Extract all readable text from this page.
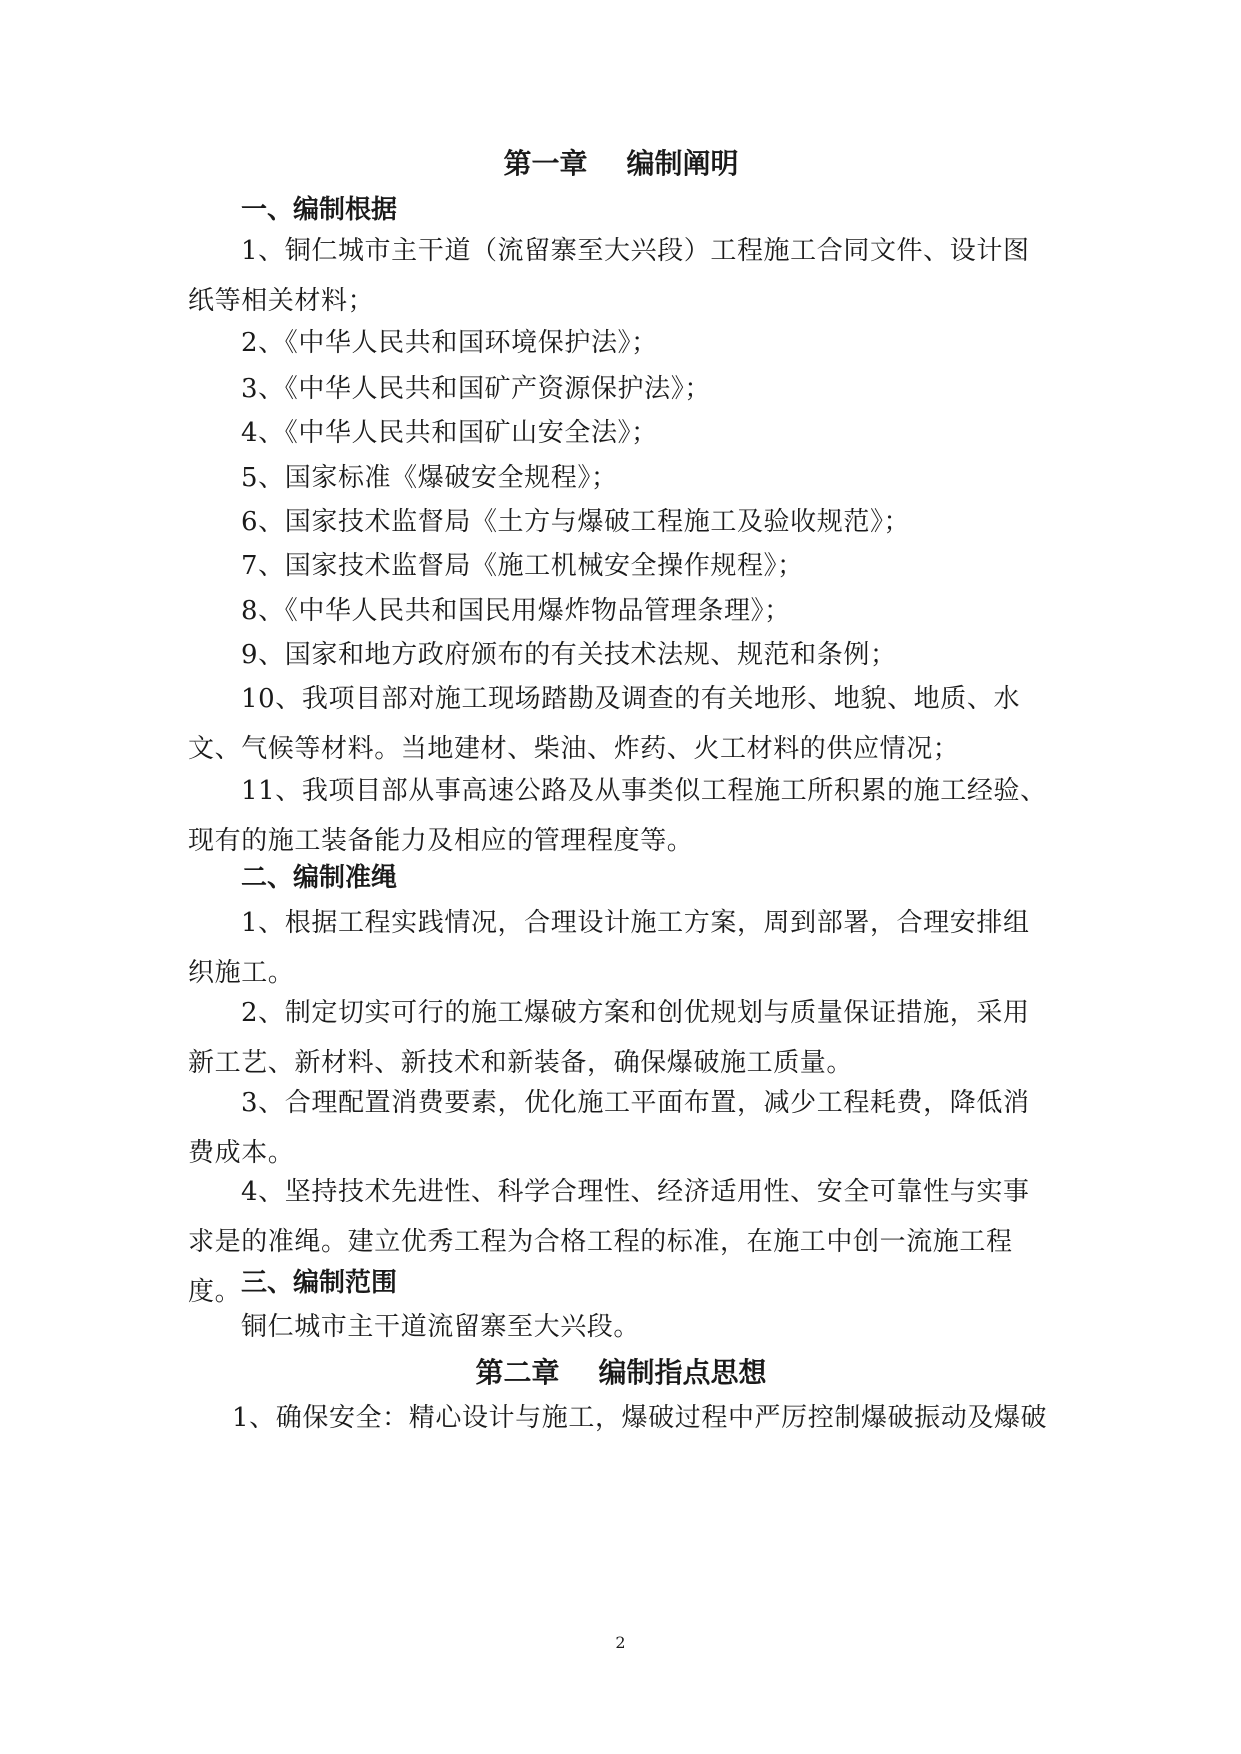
第一章    编制阐明
一、编制根据

1、铜仁城市主干道（流留寨至大兴段）工程施工合同文件、设计图纸等相关材料；

2、《中华人民共和国环境保护法》；

3、《中华人民共和国矿产资源保护法》；

4、《中华人民共和国矿山安全法》；

5、国家标准《爆破安全规程》；

6、国家技术监督局《土方与爆破工程施工及验收规范》；

7、国家技术监督局《施工机械安全操作规程》；

8、《中华人民共和国民用爆炸物品管理条理》；

9、国家和地方政府颁布的有关技术法规、规范和条例；

10、我项目部对施工现场踏勘及调查的有关地形、地貌、地质、水文、气候等材料。当地建材、柴油、炸药、火工材料的供应情况；

11、我项目部从事高速公路及从事类似工程施工所积累的施工经验、现有的施工装备能力及相应的管理程度等。

二、编制准绳

1、根据工程实践情况，合理设计施工方案，周到部署，合理安排组织施工。

2、制定切实可行的施工爆破方案和创优规划与质量保证措施，采用新工艺、新材料、新技术和新装备，确保爆破施工质量。

3、合理配置消费要素，优化施工平面布置，减少工程耗费，降低消费成本。

4、坚持技术先进性、科学合理性、经济适用性、安全可靠性与实事求是的准绳。建立优秀工程为合格工程的标准，在施工中创一流施工程度。 三、编制范围

铜仁城市主干道流留寨至大兴段。

第二章    编制指点思想

1、确保安全：精心设计与施工，爆破过程中严厉控制爆破振动及爆破

2
